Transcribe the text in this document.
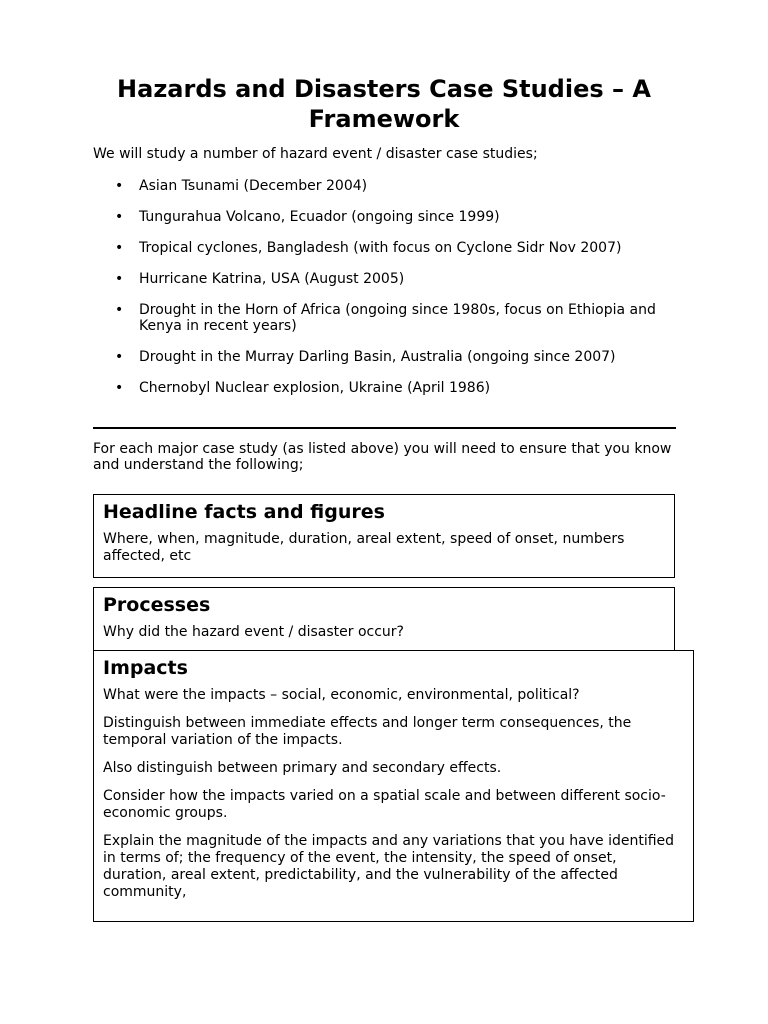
Hazards and Disasters Case Studies – A Framework

We will study a number of hazard event / disaster case studies;

• Asian Tsunami (December 2004)
• Tungurahua Volcano, Ecuador (ongoing since 1999)
• Tropical cyclones, Bangladesh (with focus on Cyclone Sidr Nov 2007)
• Hurricane Katrina, USA (August 2005)
• Drought in the Horn of Africa (ongoing since 1980s, focus on Ethiopia and Kenya in recent years)
• Drought in the Murray Darling Basin, Australia (ongoing since 2007)
• Chernobyl Nuclear explosion, Ukraine (April 1986)

For each major case study (as listed above) you will need to ensure that you know and understand the following;

Headline facts and figures

Where, when, magnitude, duration, areal extent, speed of onset, numbers affected, etc

Processes

Why did the hazard event / disaster occur?

Impacts

What were the impacts – social, economic, environmental, political?

Distinguish between immediate effects and longer term consequences, the temporal variation of the impacts.

Also distinguish between primary and secondary effects.

Consider how the impacts varied on a spatial scale and between different socio-economic groups.

Explain the magnitude of the impacts and any variations that you have identified in terms of; the frequency of the event, the intensity, the speed of onset, duration, areal extent, predictability, and the vulnerability of the affected community,
